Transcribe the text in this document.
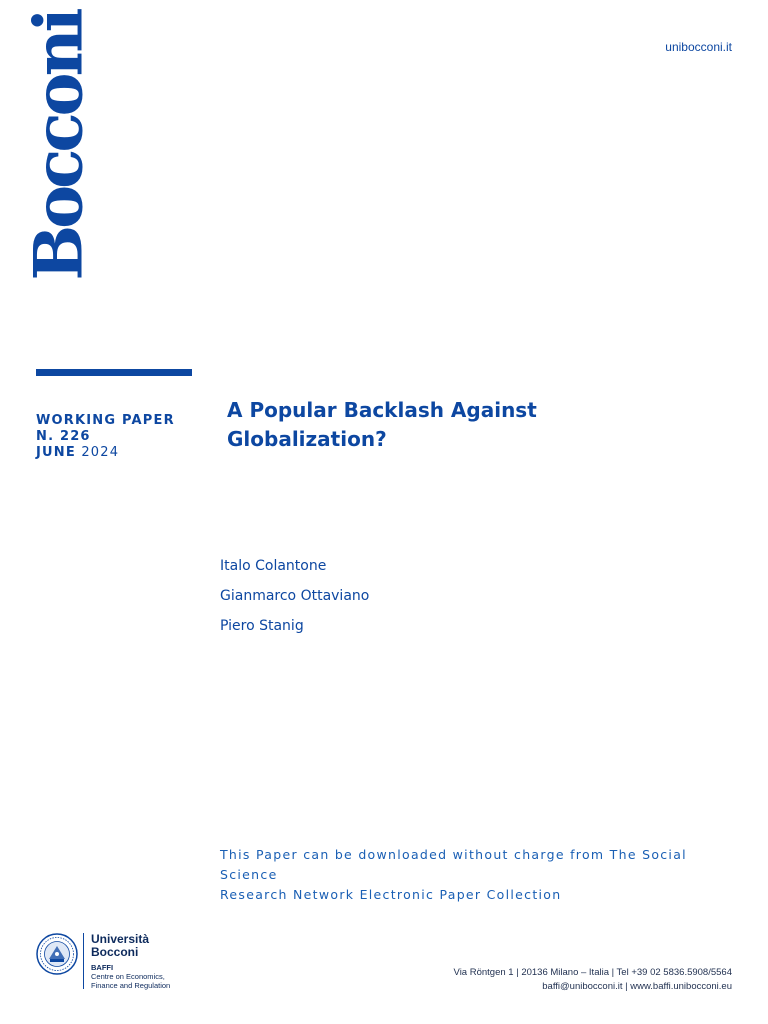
Bocconi	unibocconi.it
WORKING PAPER
N. 226
JUNE 2024
A Popular Backlash Against
Globalization?
Italo Colantone
Gianmarco Ottaviano
Piero Stanig
This Paper can be downloaded without charge from The Social Science
Research Network Electronic Paper Collection
Università
Bocconi
BAFFI
Centre on Economics,
Finance and Regulation
Via Röntgen 1 | 20136 Milano – Italia | Tel +39 02 5836.5908/5564
baffi@unibocconi.it | www.baffi.unibocconi.eu
